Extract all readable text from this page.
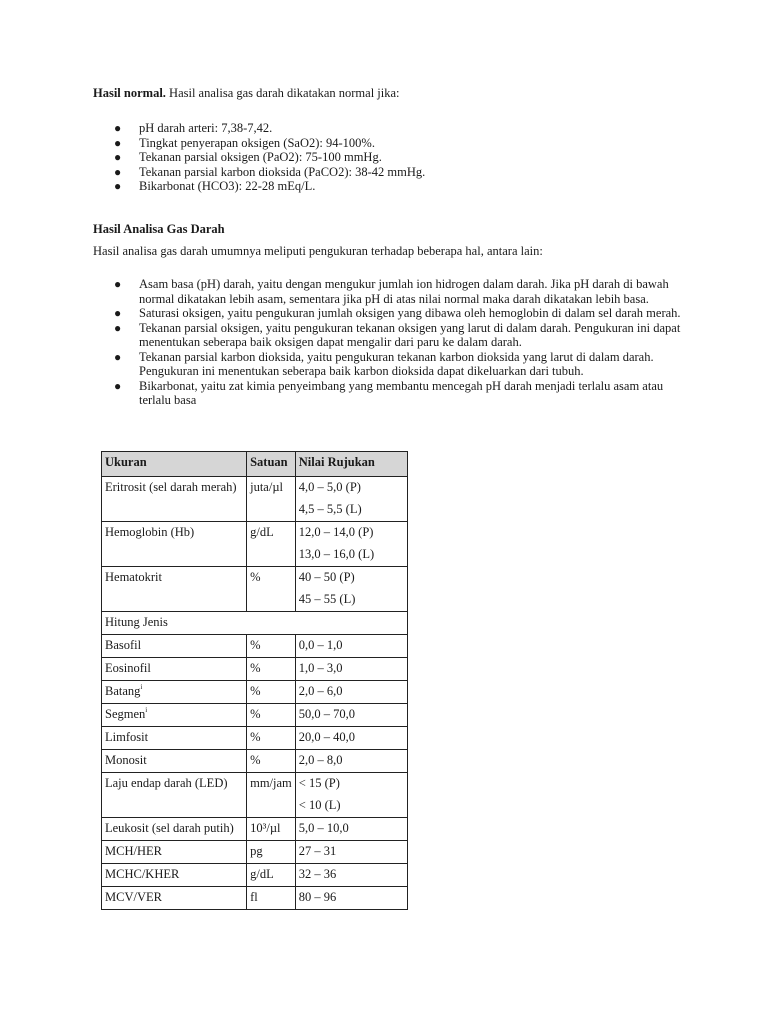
Hasil normal. Hasil analisa gas darah dikatakan normal jika:

● pH darah arteri: 7,38-7,42.
● Tingkat penyerapan oksigen (SaO2): 94-100%.
● Tekanan parsial oksigen (PaO2): 75-100 mmHg.
● Tekanan parsial karbon dioksida (PaCO2): 38-42 mmHg.
● Bikarbonat (HCO3): 22-28 mEq/L.
Hasil Analisa Gas Darah

Hasil analisa gas darah umumnya meliputi pengukuran terhadap beberapa hal, antara lain:

● Asam basa (pH) darah, yaitu dengan mengukur jumlah ion hidrogen dalam darah. Jika pH darah di bawah normal dikatakan lebih asam, sementara jika pH di atas nilai normal maka darah dikatakan lebih basa.
● Saturasi oksigen, yaitu pengukuran jumlah oksigen yang dibawa oleh hemoglobin di dalam sel darah merah.
● Tekanan parsial oksigen, yaitu pengukuran tekanan oksigen yang larut di dalam darah. Pengukuran ini dapat menentukan seberapa baik oksigen dapat mengalir dari paru ke dalam darah.
● Tekanan parsial karbon dioksida, yaitu pengukuran tekanan karbon dioksida yang larut di dalam darah. Pengukuran ini menentukan seberapa baik karbon dioksida dapat dikeluarkan dari tubuh.
● Bikarbonat, yaitu zat kimia penyeimbang yang membantu mencegah pH darah menjadi terlalu asam atau terlalu basa
Ukuran	Satuan	Nilai Rujukan
Eritrosit (sel darah merah)	juta/µl	4,0 – 5,0 (P)
4,5 – 5,5 (L)

Hemoglobin (Hb)	g/dL	12,0 – 14,0 (P)
13,0 – 16,0 (L)

Hematokrit	%	40 – 50 (P)
45 – 55 (L)

Hitung Jenis		
Basofil	%	0,0 – 1,0
Eosinofil	%	1,0 – 3,0
Batang$^i$	%	2,0 – 6,0
Segmen$^i$	%	50,0 – 70,0
Limfosit	%	20,0 – 40,0
Monosit	%	2,0 – 8,0
Laju endap darah (LED)	mm/jam	< 15 (P)
< 10 (L)

Leukosit (sel darah putih)	10³/µl	5,0 – 10,0
MCH/HER	pg	27 – 31
MCHC/KHER	g/dL	32 – 36
MCV/VER	fl	80 – 96
